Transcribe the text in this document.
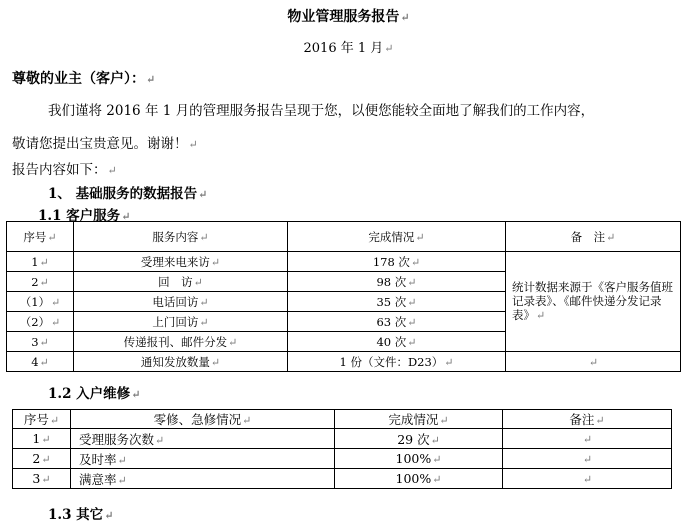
物业管理服务报告↵
2016 年 1 月↵
尊敬的业主（客户）：↵
我们谨将 2016 年 1 月的管理服务报告呈现于您，以便您能较全面地了解我们的工作内容，
敬请您提出宝贵意见。谢谢！↵
报告内容如下：↵
1、 基础服务的数据报告↵
1.1 客户服务↵
序号↵	服务内容↵	完成情况↵	备　注↵
1↵	受理来电来访↵	178 次↵	统计数据来源于《客户服务值班记录表》、《邮件快递分发记录表》↵
2↵	回　访↵	98 次↵	
（1）↵	电话回访↵	35 次↵	
（2）↵	上门回访↵	63 次↵	
3↵	传递报刊、邮件分发↵	40 次↵	
4↵	通知发放数量↵	1 份（文件：D23）↵	↵
1.2 入户维修↵
序号↵	零修、急修情况↵	完成情况↵	备注↵
1↵	受理服务次数↵	29 次↵	↵
2↵	及时率↵	100%↵	↵
3↵	满意率↵	100%↵	↵
1.3 其它↵
